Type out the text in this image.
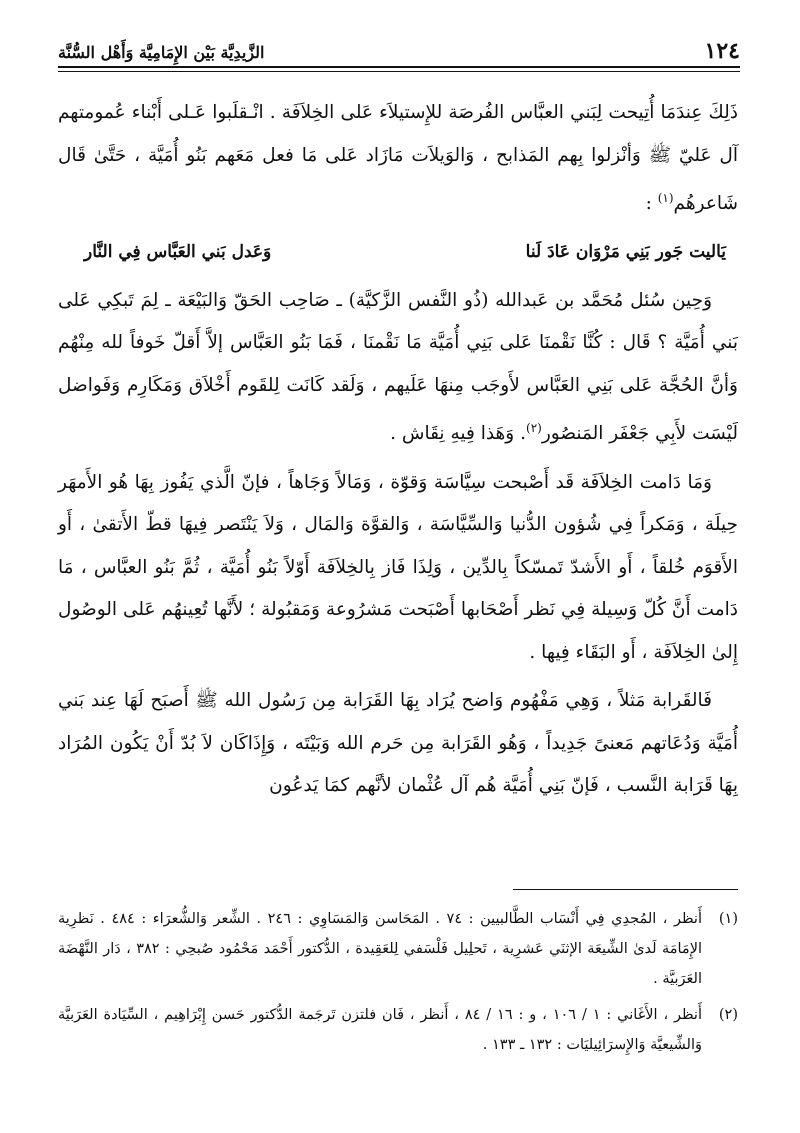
١٢٤
الزَّيدِيَّة بَيْن الإِمَامِيَّة وَأَهْل السُّنَّة

ذَلِكَ عِندَمَا أُتِيحت لِبَني العبَّاس الفُرصَة للإِستيلاَء عَلى الخِلاَفَة . انْـقلَبوا عَـلى أَبْناء عُمومتهم آل عَليّ ﷺ وَأنْزلوا بِهم المَذابح ، وَالوَيلاَت مَازَاد عَلى مَا فعل مَعَهم بَنُو أُمَيَّة ، حَتَّىٰ قَال شَاعرهُم$^{(١)}$ :

يَاليت جَور بَنِي مَرْوَان عَادَ لَنا
وَعَدل بَني العَبَّاس فِي النَّار

وَحِين سُئل مُحَمَّد بن عَبدالله (ذُو النَّفس الزَّكيَّة) ـ صَاحِب الحَقّ وَالبَيْعَة ـ لِمَ تَبكِي عَلى بَني أُمَيَّة ؟ قَال : كُنَّا نَقْمنَا عَلى بَنِي أُمَيَّة مَا نَقْمنَا ، فَمَا بَنُو العَبَّاس إلاَّ أَقلّ خَوفاً لله مِنْهُم وَأنَّ الحُجَّة عَلى بَنِي العَبَّاس لأَوجَب مِنهَا عَلَيهم ، وَلَقد كَانَت لِلقَوم أَخْلاَق وَمَكَارِم وَفَواضل لَيْسَت لأَبِي جَعْفَر المَنصُور$^{(٢)}$. وَهَذا فِيهِ نِقَاش .

وَمَا دَامت الخِلاَفَة قَد أَصْبحت سِيَّاسَة وَقوّة ، وَمَالاً وَجَاهاً ، فإنّ الَّذي يَفُوز بِهَا هُو الأَمهَر حِيلَة ، وَمَكراً فِي شُؤون الدُّنيا وَالسِّيَّاسَة ، وَالقوَّة وَالمَال ، وَلاَ يَنْتَصر فِيهَا قطّ الأَتقىٰ ، أَو الأَقوَم خُلقاً ، أَو الأَشدّ تَمسّكاً بِالدِّين ، وَلِذَا فَاز بِالخِلاَفَة أَوّلاً بَنُو أُمَيَّة ، ثُمَّ بَنُو العبَّاس ، مَا دَامت أَنَّ كُلّ وَسِيلة فِي نَظر أَصْحَابها أَصْبَحت مَشرُوعة وَمَقبُولة ؛ لأَنَّها تُعِينهُم عَلى الوصُول إِلىٰ الخِلاَفَة ، أَو البَقَاء فِيها .

فَالقَرابة مَثلاً ، وَهِي مَفْهُوم وَاضح يُرَاد بِهَا القَرَابة مِن رَسُول الله ﷺ أَصبَح لَهَا عِند بَني أُمَيَّة وَدُعَاتهم مَعنىً جَدِيداً ، وَهُو القَرَابة مِن حَرم الله وَبَيْتَه ، وَإِذَاكَان لاَ بُدّ أَنْ يَكُون المُرَاد بِهَا قَرَابة النَّسب ، فَإنّ بَنِي أُمَيَّة هُم آل عُثْمان لأنَّهم كمَا يَدعُون

(١)
أَنظر ، المُجدِي فِي أَنْسَاب الطَّالبيين : ٧٤ . المَحَاسن وَالمَسَاوِي : ٢٤٦ . الشِّعر وَالشُّعرَاء : ٤٨٤ . نَظرِية الإِمَامَة لَدىٰ الشِّيعَة الإثنَي عَشرِية ، تَحلِيل فَلْسَفي لِلعَقِيدة ، الدُّكتور أَحْمَد مَحْمُود صُبحِي : ٣٨٢ ، دَار النَّهْضَة العَرَبيَّة .
(٢)
أَنظر ، الأَغَاني : ١ / ١٠٦ ، و : ١٦ / ٨٤ ، أَنظر ، فَان فلتزن تَرجَمة الدُّكتور حَسن إِبْرَاهِيم ، السِّيَادة العَرَبيَّة وَالشِّيعيَّة وَالإِسرَائِيليَات : ١٣٢ ـ ١٣٣ .
